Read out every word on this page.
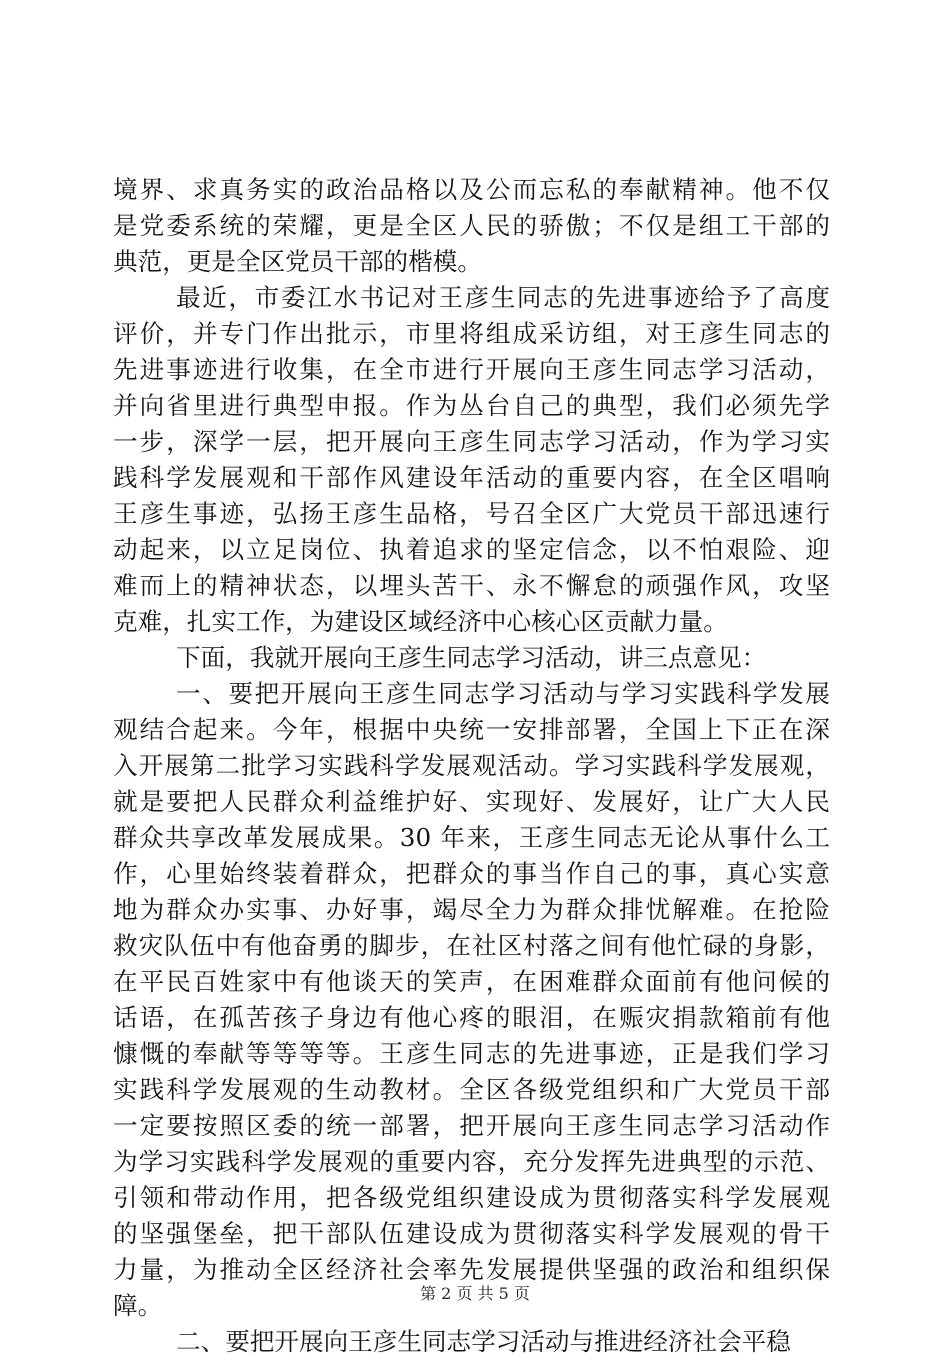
境界、求真务实的政治品格以及公而忘私的奉献精神。他不仅

是党委系统的荣耀，更是全区人民的骄傲；不仅是组工干部的

典范，更是全区党员干部的楷模。

最近，市委江水书记对王彦生同志的先进事迹给予了高度

评价，并专门作出批示，市里将组成采访组，对王彦生同志的

先进事迹进行收集，在全市进行开展向王彦生同志学习活动，

并向省里进行典型申报。作为丛台自己的典型，我们必须先学

一步，深学一层，把开展向王彦生同志学习活动，作为学习实

践科学发展观和干部作风建设年活动的重要内容，在全区唱响

王彦生事迹，弘扬王彦生品格，号召全区广大党员干部迅速行

动起来，以立足岗位、执着追求的坚定信念，以不怕艰险、迎

难而上的精神状态，以埋头苦干、永不懈怠的顽强作风，攻坚

克难，扎实工作，为建设区域经济中心核心区贡献力量。

下面，我就开展向王彦生同志学习活动，讲三点意见：

一、要把开展向王彦生同志学习活动与学习实践科学发展

观结合起来。今年，根据中央统一安排部署，全国上下正在深

入开展第二批学习实践科学发展观活动。学习实践科学发展观，

就是要把人民群众利益维护好、实现好、发展好，让广大人民

群众共享改革发展成果。30 年来，王彦生同志无论从事什么工

作，心里始终装着群众，把群众的事当作自己的事，真心实意

地为群众办实事、办好事，竭尽全力为群众排忧解难。在抢险

救灾队伍中有他奋勇的脚步，在社区村落之间有他忙碌的身影，

在平民百姓家中有他谈天的笑声，在困难群众面前有他问候的

话语，在孤苦孩子身边有他心疼的眼泪，在赈灾捐款箱前有他

慷慨的奉献等等等等。王彦生同志的先进事迹，正是我们学习

实践科学发展观的生动教材。全区各级党组织和广大党员干部

一定要按照区委的统一部署，把开展向王彦生同志学习活动作

为学习实践科学发展观的重要内容，充分发挥先进典型的示范、

引领和带动作用，把各级党组织建设成为贯彻落实科学发展观

的坚强堡垒，把干部队伍建设成为贯彻落实科学发展观的骨干

力量，为推动全区经济社会率先发展提供坚强的政治和组织保

障。

二、要把开展向王彦生同志学习活动与推进经济社会平稳

第 2 页 共 5 页
